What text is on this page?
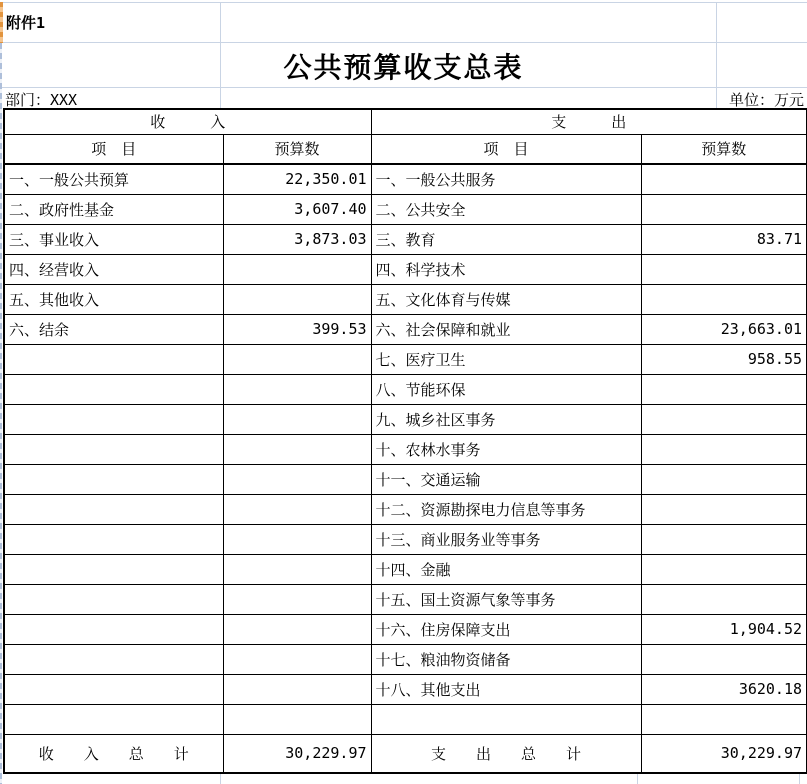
附件1
公共预算收支总表
部门：XXX	单位：万元
收　　　入		支　　　出	
项　目	预算数	项　目	预算数
一、一般公共预算	22,350.01	一、一般公共服务	
二、政府性基金	3,607.40	二、公共安全	
三、事业收入	3,873.03	三、教育	83.71
四、经营收入		四、科学技术	
五、其他收入		五、文化体育与传媒	
六、结余	399.53	六、社会保障和就业	23,663.01
		七、医疗卫生	958.55
		八、节能环保	
		九、城乡社区事务	
		十、农林水事务	
		十一、交通运输	
		十二、资源勘探电力信息等事务	
		十三、商业服务业等事务	
		十四、金融	
		十五、国土资源气象等事务	
		十六、住房保障支出	1,904.52
		十七、粮油物资储备	
		十八、其他支出	3620.18

收　　入　　总　　计	30,229.97	支　　出　　总　　计	30,229.97
